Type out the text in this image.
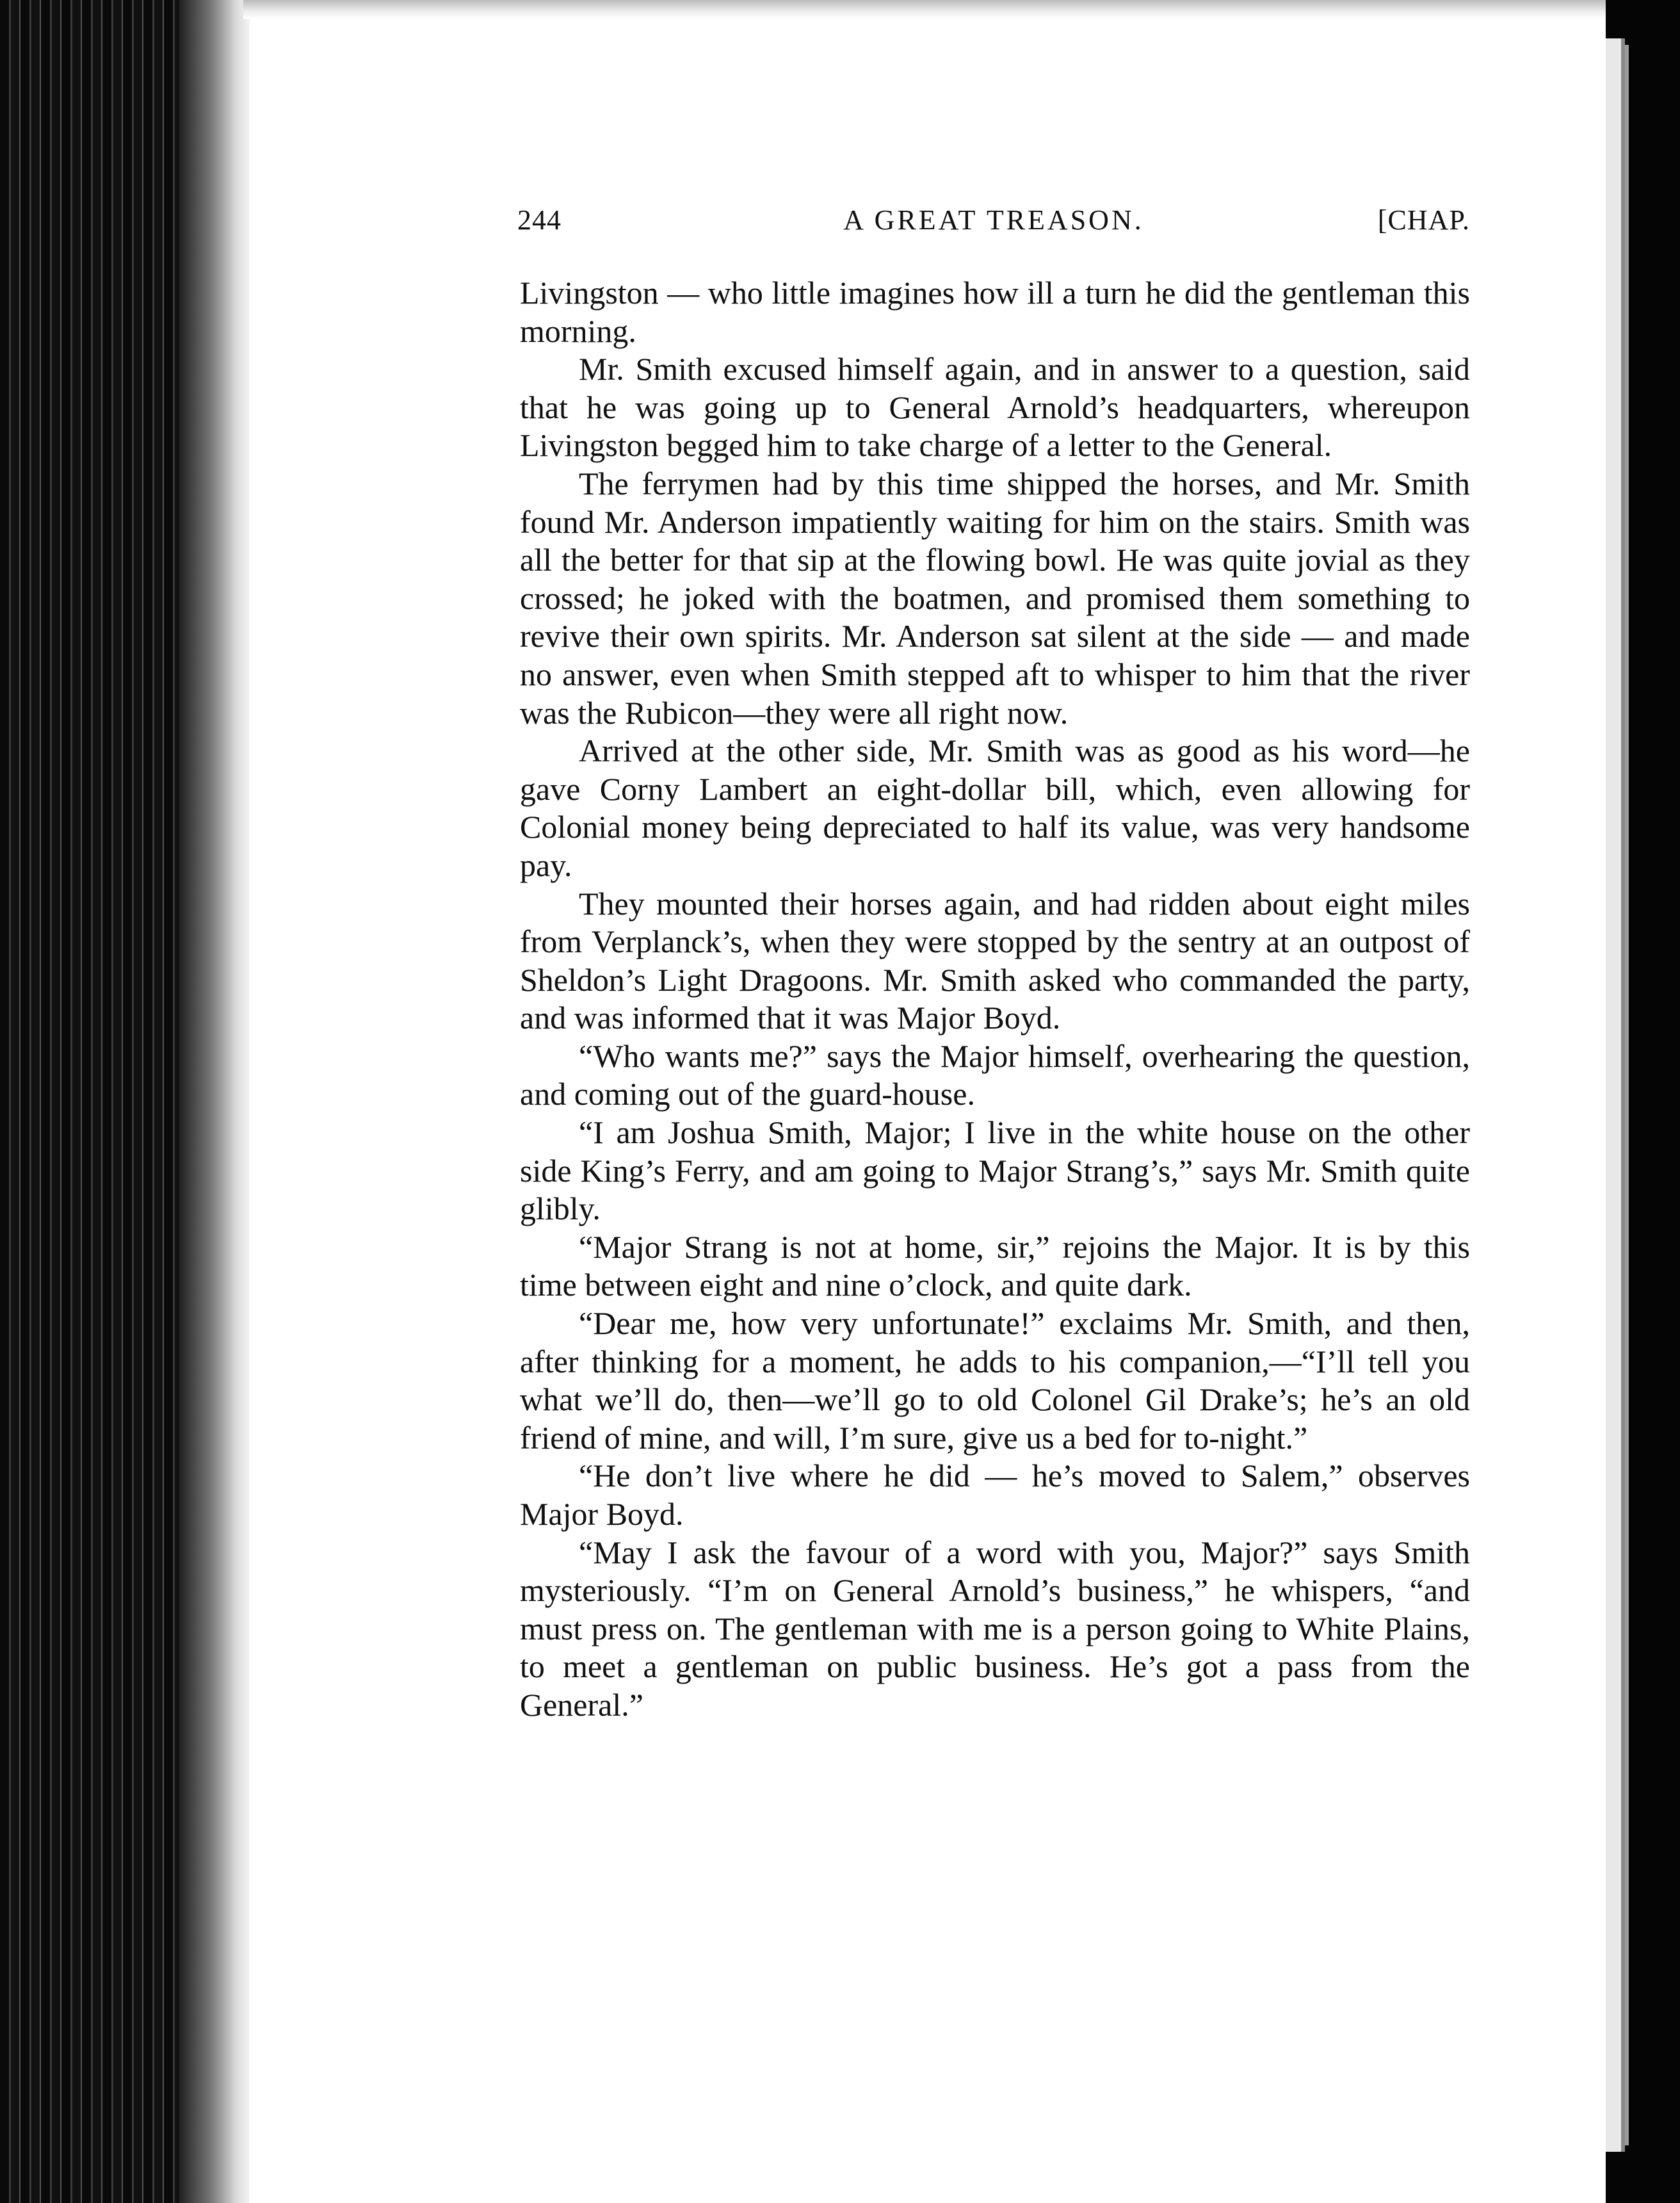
244	A GREAT TREASON.	[CHAP.

Livingston — who little imagines how ill a turn he did the gentleman this morning.

Mr. Smith excused himself again, and in answer to a question, said that he was going up to General Arnold’s headquarters, whereupon Livingston begged him to take charge of a letter to the General.

The ferrymen had by this time shipped the horses, and Mr. Smith found Mr. Anderson impatiently waiting for him on the stairs. Smith was all the better for that sip at the flowing bowl. He was quite jovial as they crossed; he joked with the boatmen, and promised them something to revive their own spirits. Mr. Anderson sat silent at the side — and made no answer, even when Smith stepped aft to whisper to him that the river was the Rubicon—they were all right now.

Arrived at the other side, Mr. Smith was as good as his word—he gave Corny Lambert an eight-dollar bill, which, even allowing for Colonial money being depreciated to half its value, was very handsome pay.

They mounted their horses again, and had ridden about eight miles from Verplanck’s, when they were stopped by the sentry at an outpost of Sheldon’s Light Dragoons. Mr. Smith asked who commanded the party, and was informed that it was Major Boyd.

“Who wants me?” says the Major himself, overhearing the question, and coming out of the guard-house.

“I am Joshua Smith, Major; I live in the white house on the other side King’s Ferry, and am going to Major Strang’s,” says Mr. Smith quite glibly.

“Major Strang is not at home, sir,” rejoins the Major. It is by this time between eight and nine o’clock, and quite dark.

“Dear me, how very unfortunate!” exclaims Mr. Smith, and then, after thinking for a moment, he adds to his companion,—“I’ll tell you what we’ll do, then—we’ll go to old Colonel Gil Drake’s; he’s an old friend of mine, and will, I’m sure, give us a bed for to-night.”

“He don’t live where he did — he’s moved to Salem,” observes Major Boyd.

“May I ask the favour of a word with you, Major?” says Smith mysteriously. “I’m on General Arnold’s business,” he whispers, “and must press on. The gentleman with me is a person going to White Plains, to meet a gentleman on public business. He’s got a pass from the General.”
